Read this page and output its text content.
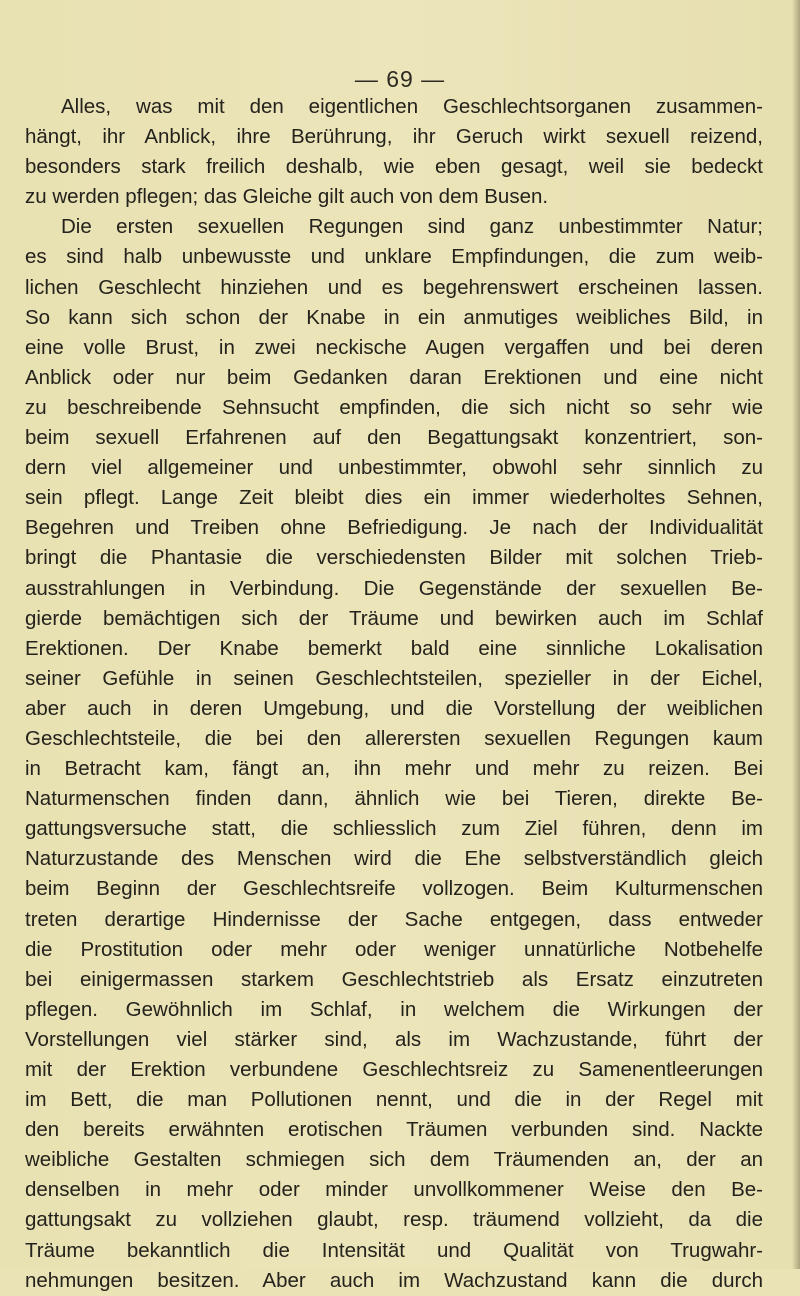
— 69 —
Alles, was mit den eigentlichen Geschlechtsorganen zusammen-
hängt, ihr Anblick, ihre Berührung, ihr Geruch wirkt sexuell reizend,
besonders stark freilich deshalb, wie eben gesagt, weil sie bedeckt
zu werden pflegen; das Gleiche gilt auch von dem Busen.
Die ersten sexuellen Regungen sind ganz unbestimmter Natur;
es sind halb unbewusste und unklare Empfindungen, die zum weib-
lichen Geschlecht hinziehen und es begehrenswert erscheinen lassen.
So kann sich schon der Knabe in ein anmutiges weibliches Bild, in
eine volle Brust, in zwei neckische Augen vergaffen und bei deren
Anblick oder nur beim Gedanken daran Erektionen und eine nicht
zu beschreibende Sehnsucht empfinden, die sich nicht so sehr wie
beim sexuell Erfahrenen auf den Begattungsakt konzentriert, son-
dern viel allgemeiner und unbestimmter, obwohl sehr sinnlich zu
sein pflegt. Lange Zeit bleibt dies ein immer wiederholtes Sehnen,
Begehren und Treiben ohne Befriedigung. Je nach der Individualität
bringt die Phantasie die verschiedensten Bilder mit solchen Trieb-
ausstrahlungen in Verbindung. Die Gegenstände der sexuellen Be-
gierde bemächtigen sich der Träume und bewirken auch im Schlaf
Erektionen. Der Knabe bemerkt bald eine sinnliche Lokalisation
seiner Gefühle in seinen Geschlechtsteilen, spezieller in der Eichel,
aber auch in deren Umgebung, und die Vorstellung der weiblichen
Geschlechtsteile, die bei den allerersten sexuellen Regungen kaum
in Betracht kam, fängt an, ihn mehr und mehr zu reizen. Bei
Naturmenschen finden dann, ähnlich wie bei Tieren, direkte Be-
gattungsversuche statt, die schliesslich zum Ziel führen, denn im
Naturzustande des Menschen wird die Ehe selbstverständlich gleich
beim Beginn der Geschlechtsreife vollzogen. Beim Kulturmenschen
treten derartige Hindernisse der Sache entgegen, dass entweder
die Prostitution oder mehr oder weniger unnatürliche Notbehelfe
bei einigermassen starkem Geschlechtstrieb als Ersatz einzutreten
pflegen. Gewöhnlich im Schlaf, in welchem die Wirkungen der
Vorstellungen viel stärker sind, als im Wachzustande, führt der
mit der Erektion verbundene Geschlechtsreiz zu Samenentleerungen
im Bett, die man Pollutionen nennt, und die in der Regel mit
den bereits erwähnten erotischen Träumen verbunden sind. Nackte
weibliche Gestalten schmiegen sich dem Träumenden an, der an
denselben in mehr oder minder unvollkommener Weise den Be-
gattungsakt zu vollziehen glaubt, resp. träumend vollzieht, da die
Träume bekanntlich die Intensität und Qualität von Trugwahr-
nehmungen besitzen. Aber auch im Wachzustand kann die durch
